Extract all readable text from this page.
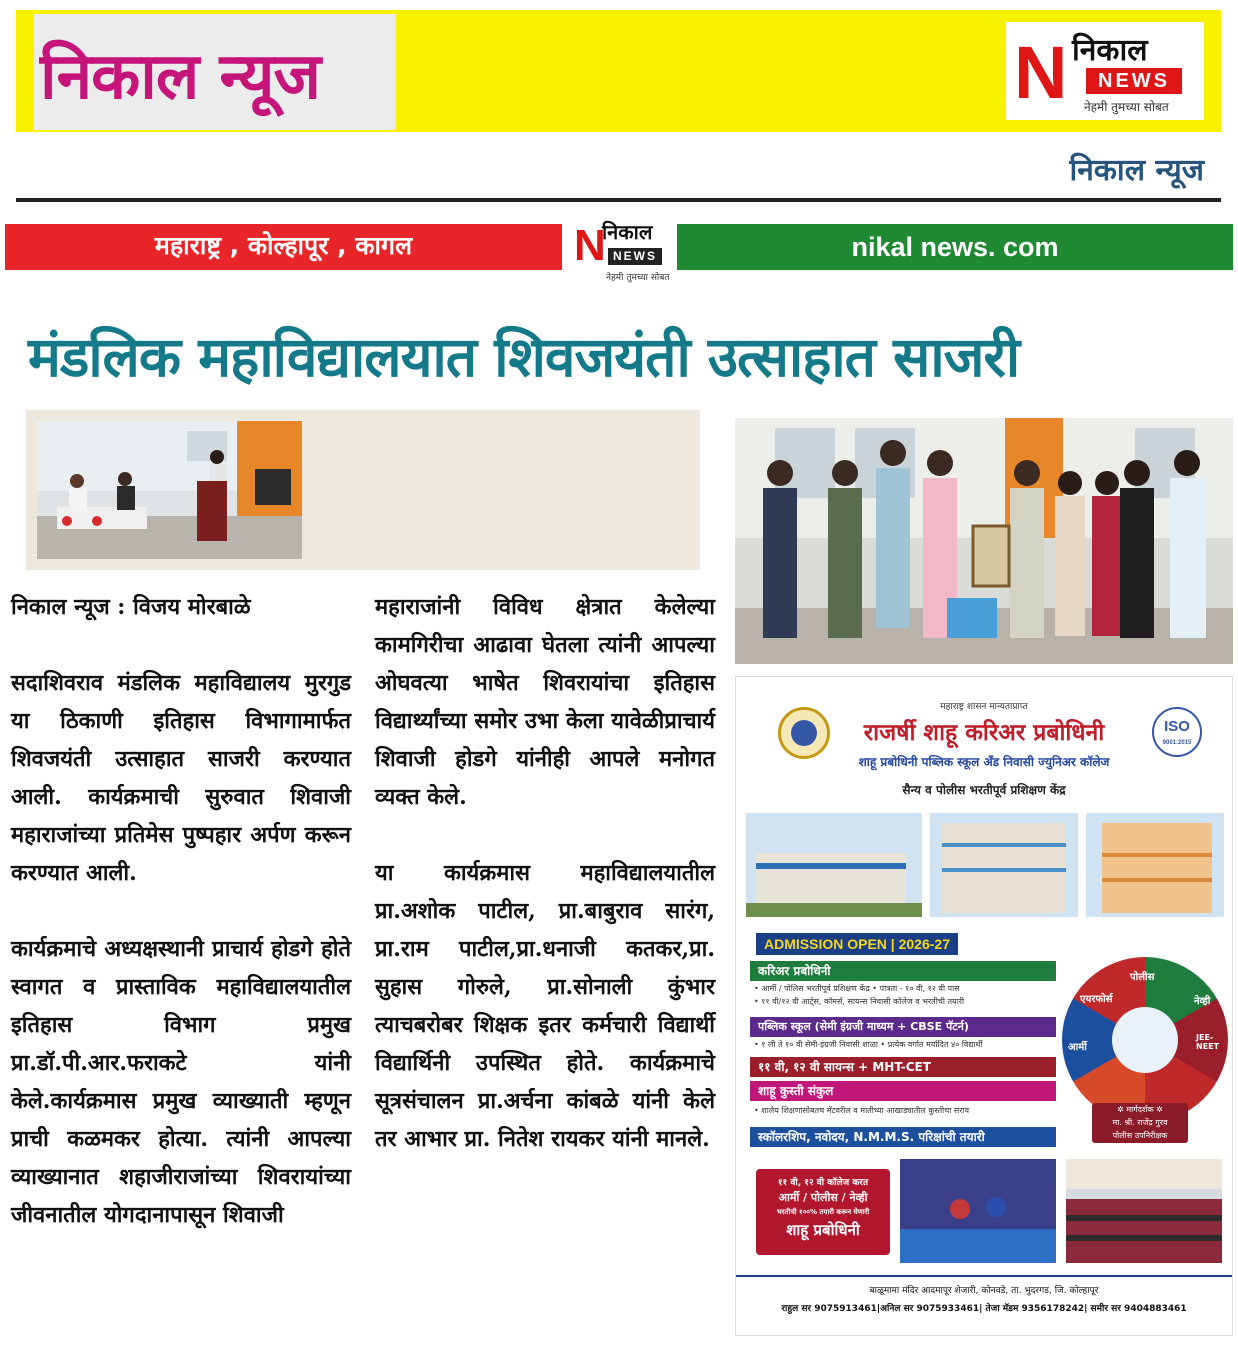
निकाल न्यूज	N निकाल
NEWS
नेहमी तुमच्या सोबत
निकाल न्यूज
महाराष्ट्र , कोल्हापूर , कागल	N
निकाल
NEWS
नेहमी तुमच्या सोबत
nikal news. com
मंडलिक महाविद्यालयात शिवजयंती उत्साहात साजरी

निकाल न्यूज : विजय मोरबाळे

सदाशिवराव मंडलिक महाविद्यालय मुरगुड या ठिकाणी इतिहास विभागामार्फत शिवजयंती उत्साहात साजरी करण्यात आली. कार्यक्रमाची सुरुवात शिवाजी महाराजांच्या प्रतिमेस पुष्पहार अर्पण करून करण्यात आली.

कार्यक्रमाचे अध्यक्षस्थानी प्राचार्य होडगे होते स्वागत व प्रास्ताविक महाविद्यालयातील इतिहास विभाग प्रमुख प्रा.डॉ.पी.आर.फराकटे यांनी केले.कार्यक्रमास प्रमुख व्याख्याती म्हणून प्राची कळमकर होत्या. त्यांनी आपल्या व्याख्यानात शहाजीराजांच्या शिवरायांच्या जीवनातील योगदानापासून शिवाजी

महाराजांनी विविध क्षेत्रात केलेल्या कामगिरीचा आढावा घेतला त्यांनी आपल्या ओघवत्या भाषेत शिवरायांचा इतिहास विद्यार्थ्यांच्या समोर उभा केला यावेळीप्राचार्य शिवाजी होडगे यांनीही आपले मनोगत व्यक्त केले.

या कार्यक्रमास महाविद्यालयातील प्रा.अशोक पाटील, प्रा.बाबुराव सारंग, प्रा.राम पाटील,प्रा.धनाजी कतकर,प्रा. सुहास गोरुले, प्रा.सोनाली कुंभार त्याचबरोबर शिक्षक इतर कर्मचारी विद्यार्थी विद्यार्थिनी उपस्थित होते. कार्यक्रमाचे सूत्रसंचालन प्रा.अर्चना कांबळे यांनी केले तर आभार प्रा. नितेश रायकर यांनी मानले.

ISO
9001:2015
महाराष्ट्र शासन मान्यताप्राप्त
राजर्षी शाहू करिअर प्रबोधिनी
शाहू प्रबोधिनी पब्लिक स्कूल अँड निवासी ज्युनिअर कॉलेज
सैन्य व पोलीस भरतीपूर्व प्रशिक्षण केंद्र
ADMISSION OPEN | 2026-27
करिअर प्रबोधिनी
• आर्मी / पोलिस भरतीपूर्व प्रशिक्षण केंद्र • पात्रता - १० वी, १२ वी पास
• ११ वी/१२ वी आर्ट्स, कॉमर्स, सायन्स निवासी कॉलेज व भरतीची तयारी
पब्लिक स्कूल (सेमी इंग्रजी माध्यम + CBSE पॅटर्न)
• १ ली ते १० वी सेमी-इंग्रजी निवासी शाळा • प्रत्येक वर्गात मर्यादित ४० विद्यार्थी
११ वी, १२ वी सायन्स + MHT-CET
शाहू कुस्ती संकुल
• शालेय शिक्षणासोबतच मॅटवरील व मातीच्या आखाड्यातील कुस्तीचा सराव
स्कॉलरशिप, नवोदय, N.M.M.S. परिक्षांची तयारी
पोलीस
नेव्ही
एयरफोर्स
आर्मी
JEE-NEET
✲ मार्गदर्शक ✲
मा. श्री. राजेंद्र गुरव
पोलीस उपनिरीक्षक
११ वी, १२ वी कॉलेज करत
आर्मी / पोलीस / नेव्ही
भरतीची १००% तयारी करून घेणारी
शाहू प्रबोधिनी
बाळूमामा मंदिर आदमापूर शेजारी, कोनवडे, ता. भुदरगड, जि. कोल्हापूर
राहुल सर 9075913461|अनिल सर 9075933461| तेजा मॅडम 9356178242| समीर सर 9404883461
